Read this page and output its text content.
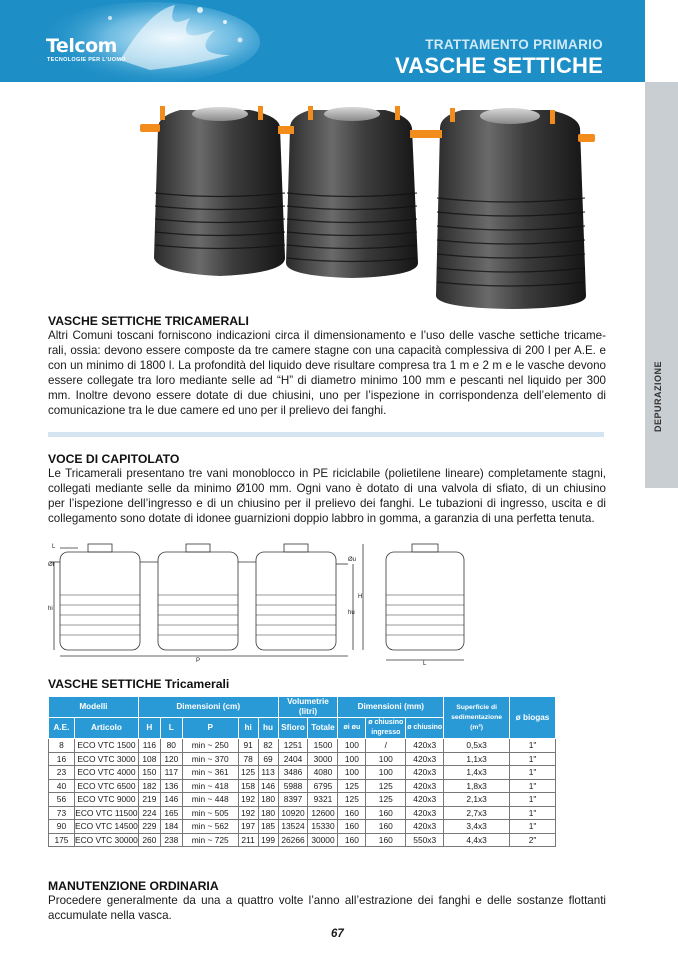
Telcom
TECNOLOGIE PER L'UOMO
TRATTAMENTO PRIMARIO
VASCHE SETTICHE
DEPURAZIONE
VASCHE SETTICHE TRICAMERALI
Altri Comuni toscani forniscono indicazioni circa il dimensionamento e l’uso delle vasche settiche tricame-
rali, ossia: devono essere composte da tre camere stagne con una capacità complessiva di 200 l per A.E. e
con un minimo di 1800 l. La profondità del liquido deve risultare compresa tra 1 m e 2 m e le vasche devono
essere collegate tra loro mediante selle ad “H” di diametro minimo 100 mm e pescanti nel liquido per 300
mm. Inoltre devono essere dotate di due chiusini, uno per l’ispezione in corrispondenza dell’elemento di
comunicazione tra le due camere ed uno per il prelievo dei fanghi.
VOCE DI CAPITOLATO
Le Tricamerali presentano tre vani monoblocco in PE riciclabile (polietilene lineare) completamente stagni,
collegati mediante selle da minimo Ø100 mm. Ogni vano è dotato di una valvola di sfiato, di un chiusino
per l’ispezione dell’ingresso e di un chiusino per il prelievo dei fanghi. Le tubazioni di ingresso, uscita e di
collegamento sono dotate di idonee guarnizioni doppio labbro in gomma, a garanzia di una perfetta tenuta.
L
Øi
hi
P
Øu
H
hu
L
VASCHE SETTICHE Tricamerali
Modelli		Dimensioni (cm)					Volumetrie (litri)		Dimensioni (mm)			Superficie di sedimentazione (m²)	ø biogas
A.E.	Articolo	H	L	P	hi	hu	Sfioro	Totale	øi øu	ø chiusino ingresso	ø chiusino		
8	ECO VTC 1500	116	80	min ~ 250	91	82	1251	1500	100	/	420x3	0,5x3	1"
16	ECO VTC 3000	108	120	min ~ 370	78	69	2404	3000	100	100	420x3	1,1x3	1"
23	ECO VTC 4000	150	117	min ~ 361	125	113	3486	4080	100	100	420x3	1,4x3	1"
40	ECO VTC 6500	182	136	min ~ 418	158	146	5988	6795	125	125	420x3	1,8x3	1"
56	ECO VTC 9000	219	146	min ~ 448	192	180	8397	9321	125	125	420x3	2,1x3	1"
73	ECO VTC 11500	224	165	min ~ 505	192	180	10920	12600	160	160	420x3	2,7x3	1"
90	ECO VTC 14500	229	184	min ~ 562	197	185	13524	15330	160	160	420x3	3,4x3	1"
175	ECO VTC 30000	260	238	min ~ 725	211	199	26266	30000	160	160	550x3	4,4x3	2"
MANUTENZIONE ORDINARIA
Procedere generalmente da una a quattro volte l’anno all’estrazione dei fanghi e delle sostanze flottanti
accumulate nella vasca.
67
